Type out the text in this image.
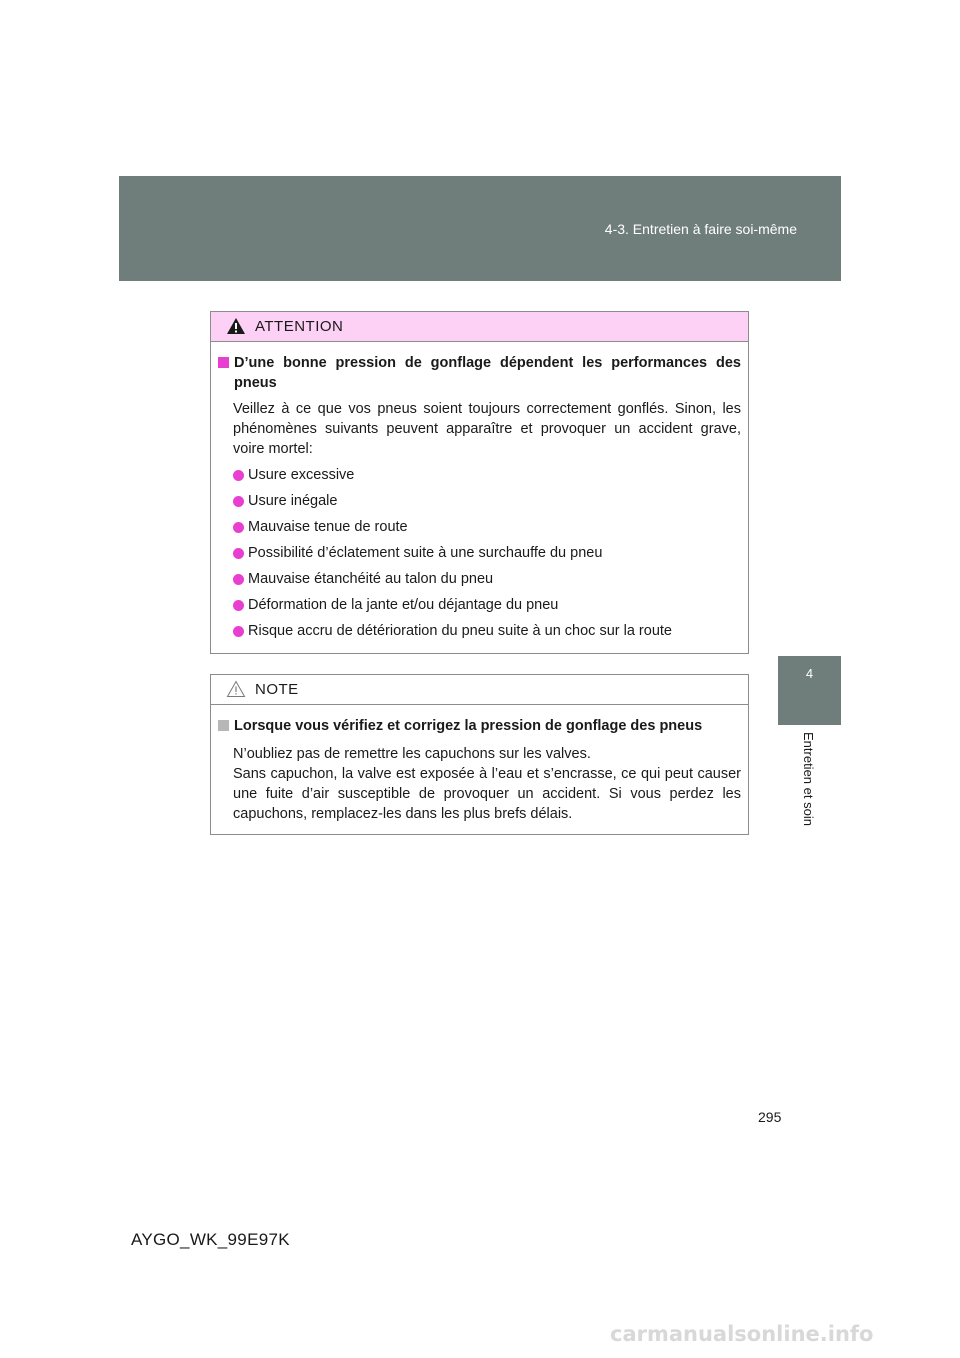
4-3. Entretien à faire soi-même
4
Entretien et soin
ATTENTION
D’une bonne pression de gonflage dépendent les performances des pneus
Veillez à ce que vos pneus soient toujours correctement gonflés. Sinon, les phénomènes suivants peuvent apparaître et provoquer un accident grave, voire mortel:
Usure excessive
Usure inégale
Mauvaise tenue de route
Possibilité d’éclatement suite à une surchauffe du pneu
Mauvaise étanchéité au talon du pneu
Déformation de la jante et/ou déjantage du pneu
Risque accru de détérioration du pneu suite à un choc sur la route
NOTE
Lorsque vous vérifiez et corrigez la pression de gonflage des pneus
N’oubliez pas de remettre les capuchons sur les valves.
Sans capuchon, la valve est exposée à l’eau et s’encrasse, ce qui peut causer une fuite d’air susceptible de provoquer un accident. Si vous perdez les capuchons, remplacez-les dans les plus brefs délais.
295
AYGO_WK_99E97K
carmanualsonline.info
